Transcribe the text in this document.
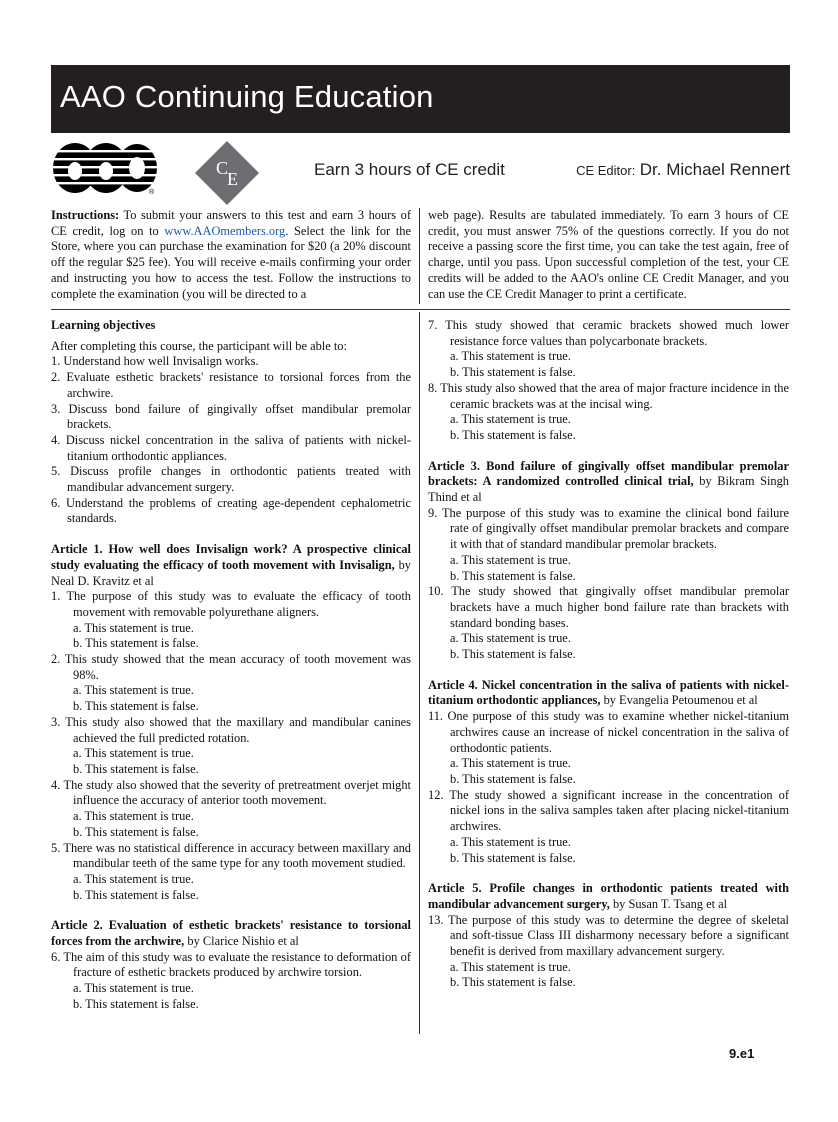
AAO Continuing Education
®
C
E	Earn 3 hours of CE credit	CE Editor: Dr. Michael Rennert
Instructions: To submit your answers to this test and earn 3 hours of CE credit, log on to www.AAOmembers.org. Select the link for the Store, where you can purchase the examination for $20 (a 20% discount off the regular $25 fee). You will receive e-mails confirming your order and instructing you how to access the test. Follow the instructions to complete the examination (you will be directed to a
web page). Results are tabulated immediately. To earn 3 hours of CE credit, you must answer 75% of the questions correctly. If you do not receive a passing score the first time, you can take the test again, free of charge, until you pass. Upon successful completion of the test, your CE credits will be added to the AAO's online CE Credit Manager, and you can use the CE Credit Manager to print a certificate.

Learning objectives

After completing this course, the participant will be able to:

1. Understand how well Invisalign works.
2. Evaluate esthetic brackets' resistance to torsional forces from the archwire.
3. Discuss bond failure of gingivally offset mandibular premolar brackets.
4. Discuss nickel concentration in the saliva of patients with nickel-titanium orthodontic appliances.
5. Discuss profile changes in orthodontic patients treated with mandibular advancement surgery.
6. Understand the problems of creating age-dependent cephalometric standards.

Article 1. How well does Invisalign work? A prospective clinical study evaluating the efficacy of tooth movement with Invisalign, by Neal D. Kravitz et al

1. The purpose of this study was to evaluate the efficacy of tooth movement with removable polyurethane aligners.

a. This statement is true.

b. This statement is false.

2. This study showed that the mean accuracy of tooth movement was 98%.

a. This statement is true.

b. This statement is false.

3. This study also showed that the maxillary and mandibular canines achieved the full predicted rotation.

a. This statement is true.

b. This statement is false.

4. The study also showed that the severity of pretreatment overjet might influence the accuracy of anterior tooth movement.

a. This statement is true.

b. This statement is false.

5. There was no statistical difference in accuracy between maxillary and mandibular teeth of the same type for any tooth movement studied.

a. This statement is true.

b. This statement is false.

Article 2. Evaluation of esthetic brackets' resistance to torsional forces from the archwire, by Clarice Nishio et al

6. The aim of this study was to evaluate the resistance to deformation of fracture of esthetic brackets produced by archwire torsion.

a. This statement is true.

b. This statement is false.

7. This study showed that ceramic brackets showed much lower resistance force values than polycarbonate brackets.

a. This statement is true.

b. This statement is false.

8. This study also showed that the area of major fracture incidence in the ceramic brackets was at the incisal wing.

a. This statement is true.

b. This statement is false.

Article 3. Bond failure of gingivally offset mandibular premolar brackets: A randomized controlled clinical trial, by Bikram Singh Thind et al

9. The purpose of this study was to examine the clinical bond failure rate of gingivally offset mandibular premolar brackets and compare it with that of standard mandibular premolar brackets.

a. This statement is true.

b. This statement is false.

10. The study showed that gingivally offset mandibular premolar brackets have a much higher bond failure rate than brackets with standard bonding bases.

a. This statement is true.

b. This statement is false.

Article 4. Nickel concentration in the saliva of patients with nickel-titanium orthodontic appliances, by Evangelia Petoumenou et al

11. One purpose of this study was to examine whether nickel-titanium archwires cause an increase of nickel concentration in the saliva of orthodontic patients.

a. This statement is true.

b. This statement is false.

12. The study showed a significant increase in the concentration of nickel ions in the saliva samples taken after placing nickel-titanium archwires.

a. This statement is true.

b. This statement is false.

Article 5. Profile changes in orthodontic patients treated with mandibular advancement surgery, by Susan T. Tsang et al

13. The purpose of this study was to determine the degree of skeletal and soft-tissue Class III disharmony necessary before a significant benefit is derived from maxillary advancement surgery.

a. This statement is true.

b. This statement is false.

9.e1
